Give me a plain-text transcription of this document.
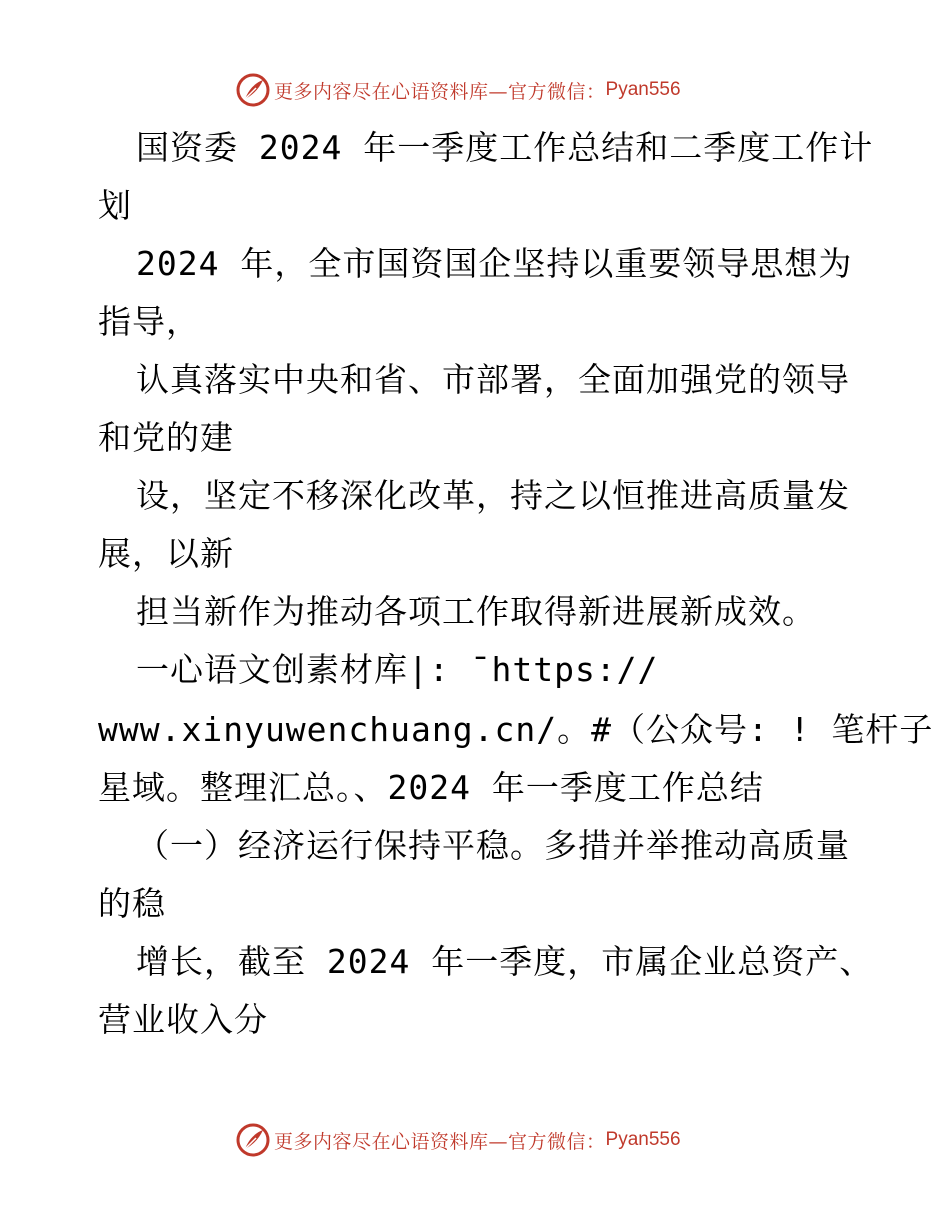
更多内容尽在心语资料库—官方微信： Pyan556
国资委 2024 年一季度工作总结和二季度工作计
划
2024 年，全市国资国企坚持以重要领导思想为
指导，
认真落实中央和省、市部署，全面加强党的领导
和党的建
设，坚定不移深化改革，持之以恒推进高质量发
展，以新
担当新作为推动各项工作取得新进展新成效。
一心语文创素材库|: ¯https://
www.xinyuwenchuang.cn/。#（公众号: ! 笔杆子
星域。整理汇总。、2024 年一季度工作总结
（一）经济运行保持平稳。多措并举推动高质量
的稳
增长，截至 2024 年一季度，市属企业总资产、
营业收入分
更多内容尽在心语资料库—官方微信： Pyan556
